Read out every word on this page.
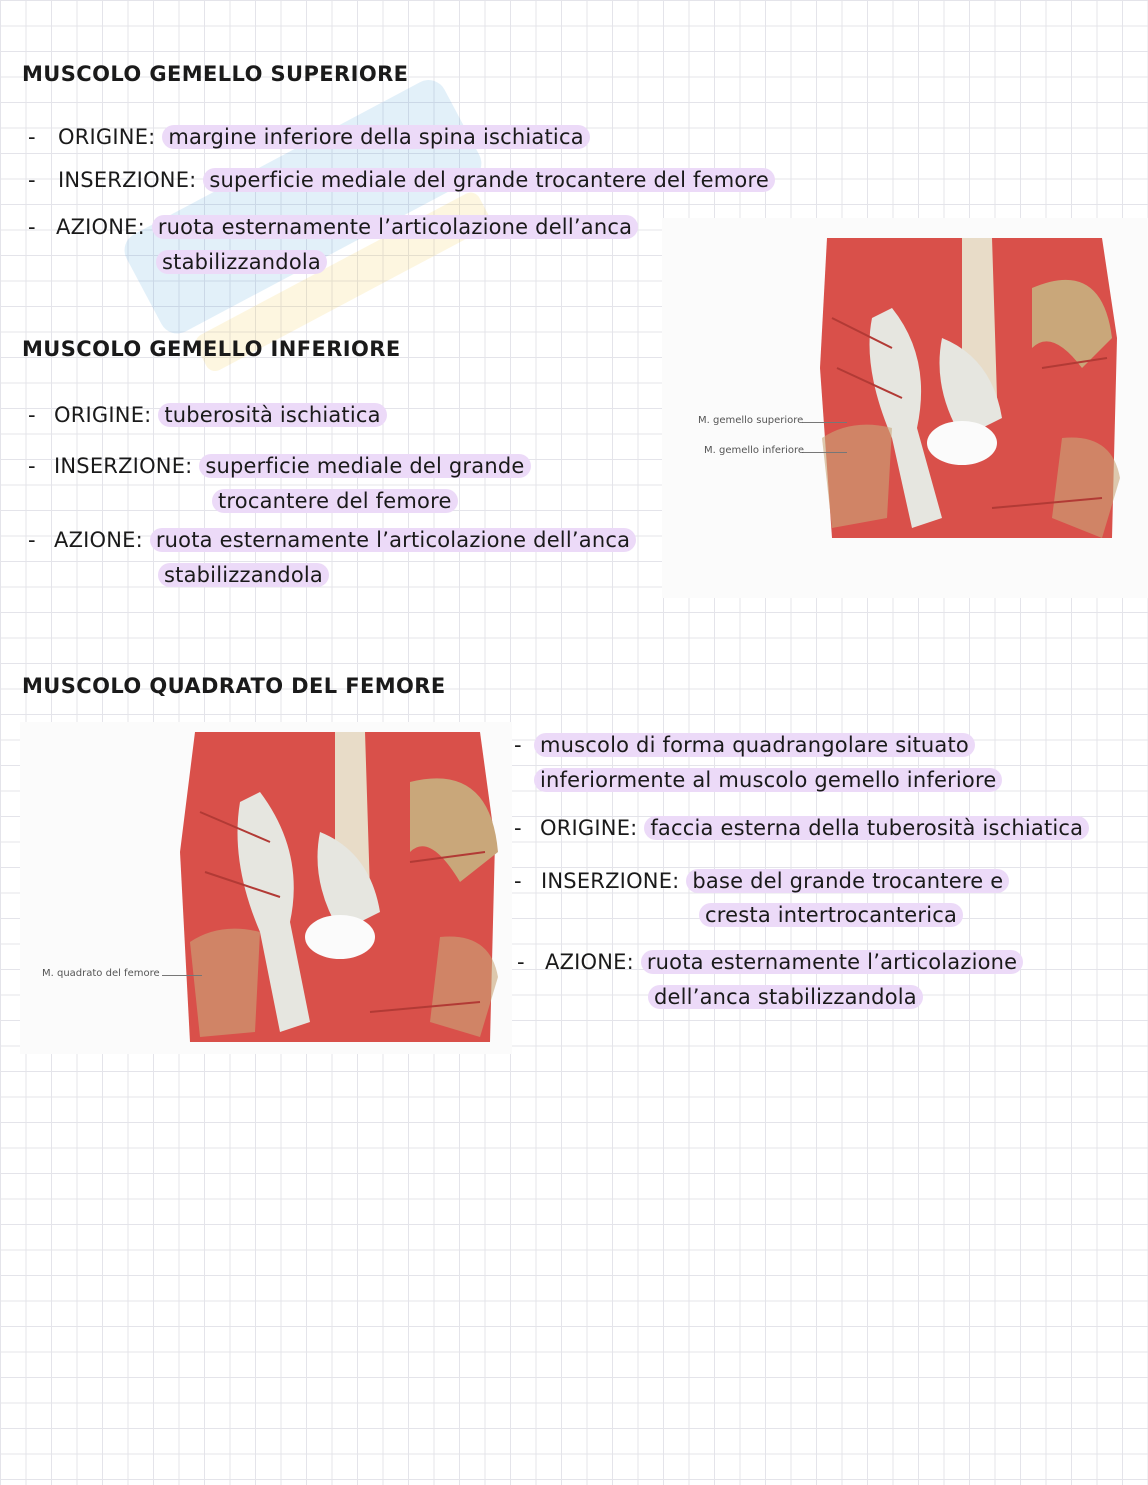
MUSCOLO GEMELLO SUPERIORE
- ORIGINE: margine inferiore della spina ischiatica
- INSERZIONE: superficie mediale del grande trocantere del femore
- AZIONE: ruota esternamente l’articolazione dell’anca
stabilizzandola
MUSCOLO GEMELLO INFERIORE
- ORIGINE: tuberosità ischiatica
- INSERZIONE: superficie mediale del grande
trocantere del femore
- AZIONE: ruota esternamente l’articolazione dell’anca
stabilizzandola
M. gemello superiore
M. gemello inferiore
MUSCOLO QUADRATO DEL FEMORE
M. quadrato del femore
- muscolo di forma quadrangolare situato
inferiormente al muscolo gemello inferiore
- ORIGINE: faccia esterna della tuberosità ischiatica
- INSERZIONE: base del grande trocantere e
cresta intertrocanterica
- AZIONE: ruota esternamente l’articolazione
dell’anca stabilizzandola
